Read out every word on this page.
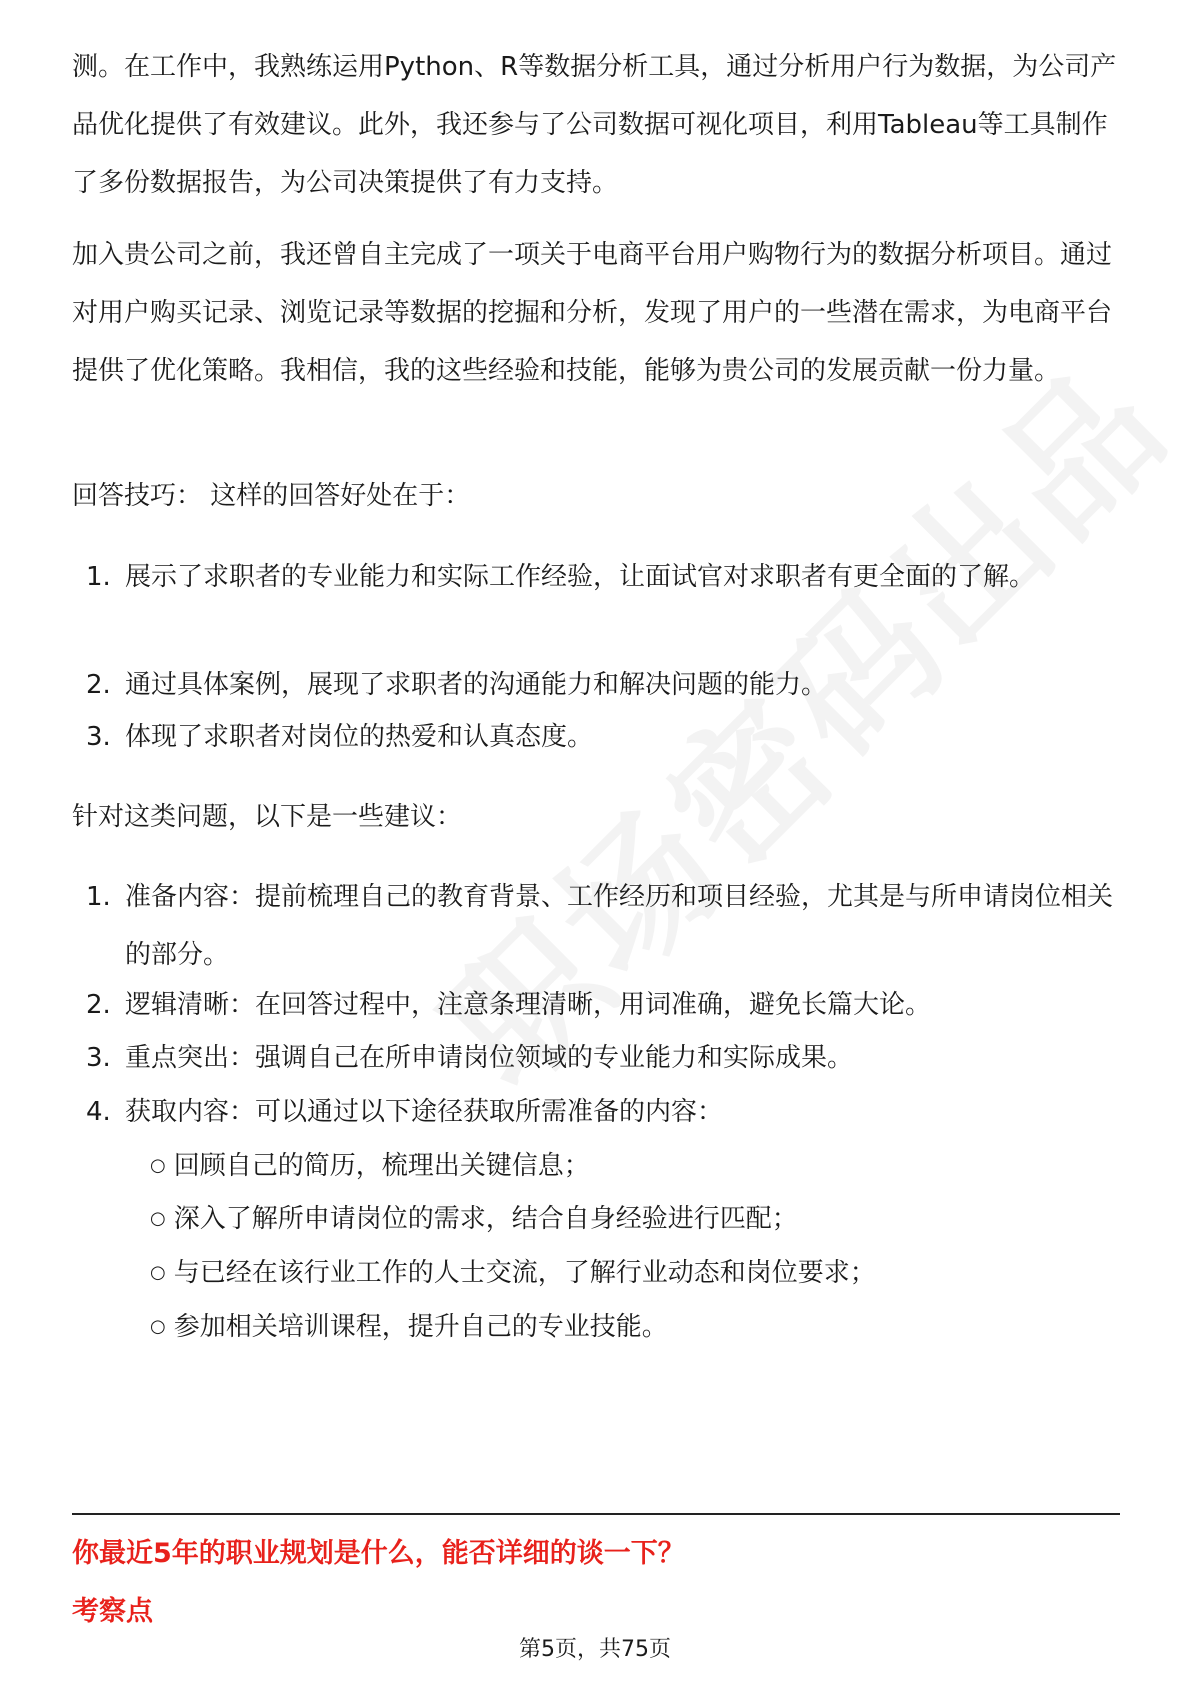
测。在工作中，我熟练运用Python、R等数据分析工具，通过分析用户行为数据，为公司产品优化提供了有效建议。此外，我还参与了公司数据可视化项目，利用Tableau等工具制作了多份数据报告，为公司决策提供了有力支持。

加入贵公司之前，我还曾自主完成了一项关于电商平台用户购物行为的数据分析项目。通过对用户购买记录、浏览记录等数据的挖掘和分析，发现了用户的一些潜在需求，为电商平台提供了优化策略。我相信，我的这些经验和技能，能够为贵公司的发展贡献一份力量。

回答技巧： 这样的回答好处在于：

1. 展示了求职者的专业能力和实际工作经验，让面试官对求职者有更全面的了解。

2. 通过具体案例，展现了求职者的沟通能力和解决问题的能力。

3. 体现了求职者对岗位的热爱和认真态度。

针对这类问题，以下是一些建议：

1. 准备内容：提前梳理自己的教育背景、工作经历和项目经验，尤其是与所申请岗位相关的部分。

2. 逻辑清晰：在回答过程中，注意条理清晰，用词准确，避免长篇大论。

3. 重点突出：强调自己在所申请岗位领域的专业能力和实际成果。

4. 获取内容：可以通过以下途径获取所需准备的内容：

○ 回顾自己的简历，梳理出关键信息；
○ 深入了解所申请岗位的需求，结合自身经验进行匹配；
○ 与已经在该行业工作的人士交流，了解行业动态和岗位要求；
○ 参加相关培训课程，提升自己的专业技能。
你最近5年的职业规划是什么，能否详细的谈一下？
考察点
第5页，共75页
